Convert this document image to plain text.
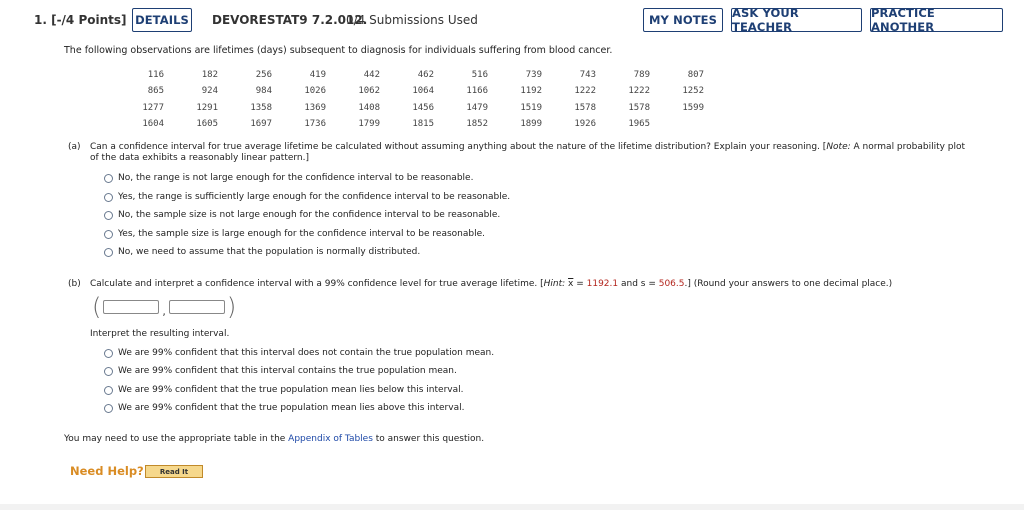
1. [-/4 Points] DETAILS DEVORESTAT9 7.2.012.
0/4 Submissions Used	MY NOTES	ASK YOUR TEACHER
PRACTICE ANOTHER
The following observations are lifetimes (days) subsequent to diagnosis for individuals suffering from blood cancer.
116	182	256	419	442	462	516	739	743	789	807
865	924	984	1026	1062	1064	1166	1192	1222	1222	1252
1277	1291	1358	1369	1408	1456	1479	1519	1578	1578	1599
1604	1605	1697	1736	1799	1815	1852	1899	1926	1965	
(a) Can a confidence interval for true average lifetime be calculated without assuming anything about the nature of the lifetime distribution? Explain your reasoning. [Note: A normal probability plot
of the data exhibits a reasonably linear pattern.]
No, the range is not large enough for the confidence interval to be reasonable.
Yes, the range is sufficiently large enough for the confidence interval to be reasonable.
No, the sample size is not large enough for the confidence interval to be reasonable.
Yes, the sample size is large enough for the confidence interval to be reasonable.
No, we need to assume that the population is normally distributed.
(b) Calculate and interpret a confidence interval with a 99% confidence level for true average lifetime. [Hint: $\overline{x} = 1192.1$ and s = 506.5.] (Round your answers to one decimal place.)
(	,	)
Interpret the resulting interval.
We are 99% confident that this interval does not contain the true population mean.
We are 99% confident that this interval contains the true population mean.
We are 99% confident that the true population mean lies below this interval.
We are 99% confident that the true population mean lies above this interval.
You may need to use the appropriate table in the Appendix of Tables to answer this question.
Need Help?	Read It
